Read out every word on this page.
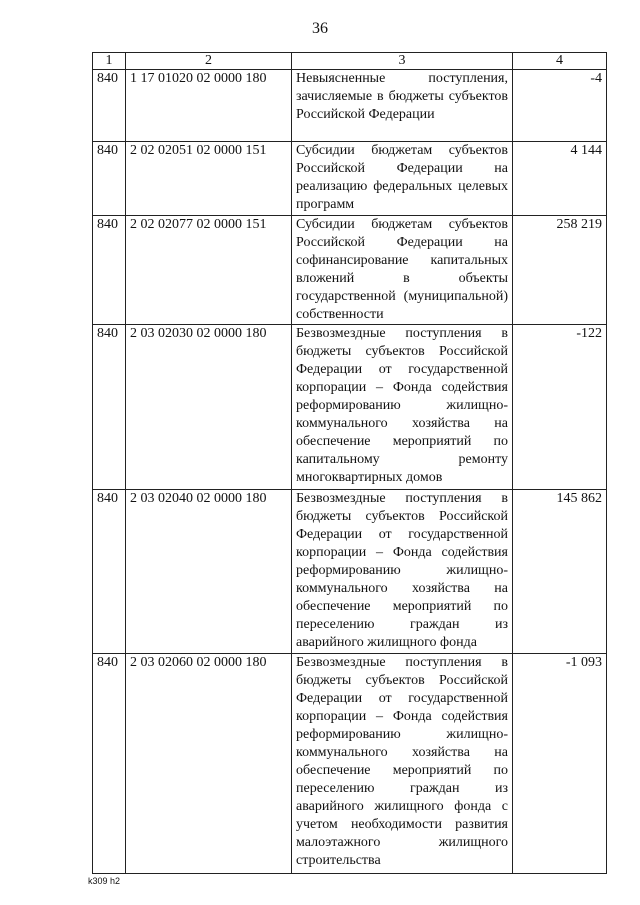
36
1	2	3	4
840	1 17 01020 02 0000 180	Невыясненные поступления, зачисляемые в бюджеты субъектов Российской Федерации	-4
840	2 02 02051 02 0000 151	Субсидии бюджетам субъектов Российской Федерации на реализацию федеральных целевых программ	4 144
840	2 02 02077 02 0000 151	Субсидии бюджетам субъектов Российской Федерации на софинансирование капитальных вложений в объекты государственной (муниципальной) собственности	258 219
840	2 03 02030 02 0000 180	Безвозмездные поступления в бюджеты субъектов Российской Федерации от государственной корпорации – Фонда содействия реформированию жилищно-коммунального хозяйства на обеспечение мероприятий по капитальному ремонту многоквартирных домов	-122
840	2 03 02040 02 0000 180	Безвозмездные поступления в бюджеты субъектов Российской Федерации от государственной корпорации – Фонда содействия реформированию жилищно-коммунального хозяйства на обеспечение мероприятий по переселению граждан из аварийного жилищного фонда	145 862
840	2 03 02060 02 0000 180	Безвозмездные поступления в бюджеты субъектов Российской Федерации от государственной корпорации – Фонда содействия реформированию жилищно-коммунального хозяйства на обеспечение мероприятий по переселению граждан из аварийного жилищного фонда с учетом необходимости развития малоэтажного жилищного строительства	-1 093
k309 h2
